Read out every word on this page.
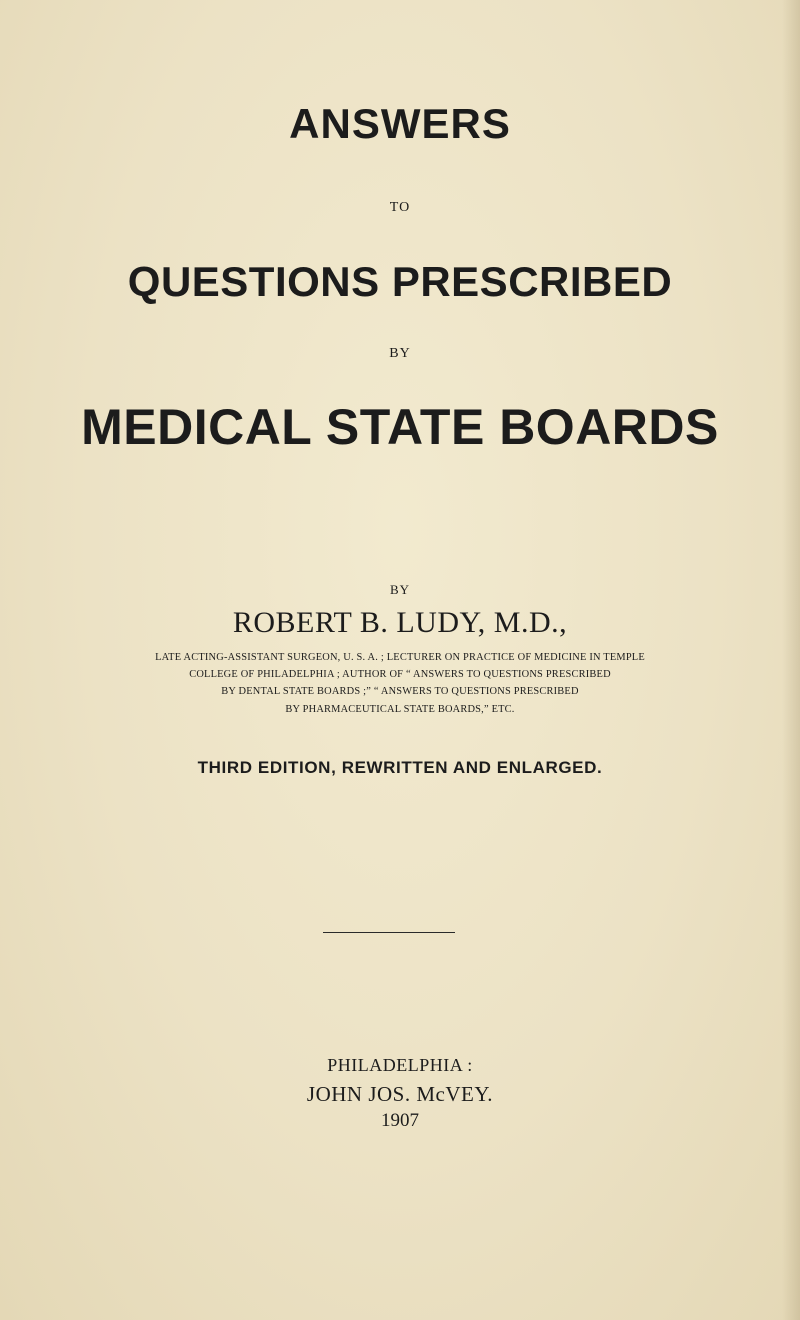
ANSWERS
TO
QUESTIONS PRESCRIBED
BY
MEDICAL STATE BOARDS
BY
ROBERT B. LUDY, M.D.,
LATE ACTING-ASSISTANT SURGEON, U. S. A. ; LECTURER ON PRACTICE OF MEDICINE IN TEMPLE
COLLEGE OF PHILADELPHIA ; AUTHOR OF “ ANSWERS TO QUESTIONS PRESCRIBED
BY DENTAL STATE BOARDS ;” “ ANSWERS TO QUESTIONS PRESCRIBED
BY PHARMACEUTICAL STATE BOARDS,” ETC.
THIRD EDITION, REWRITTEN AND ENLARGED.
PHILADELPHIA :
JOHN JOS. McVEY.
1907
